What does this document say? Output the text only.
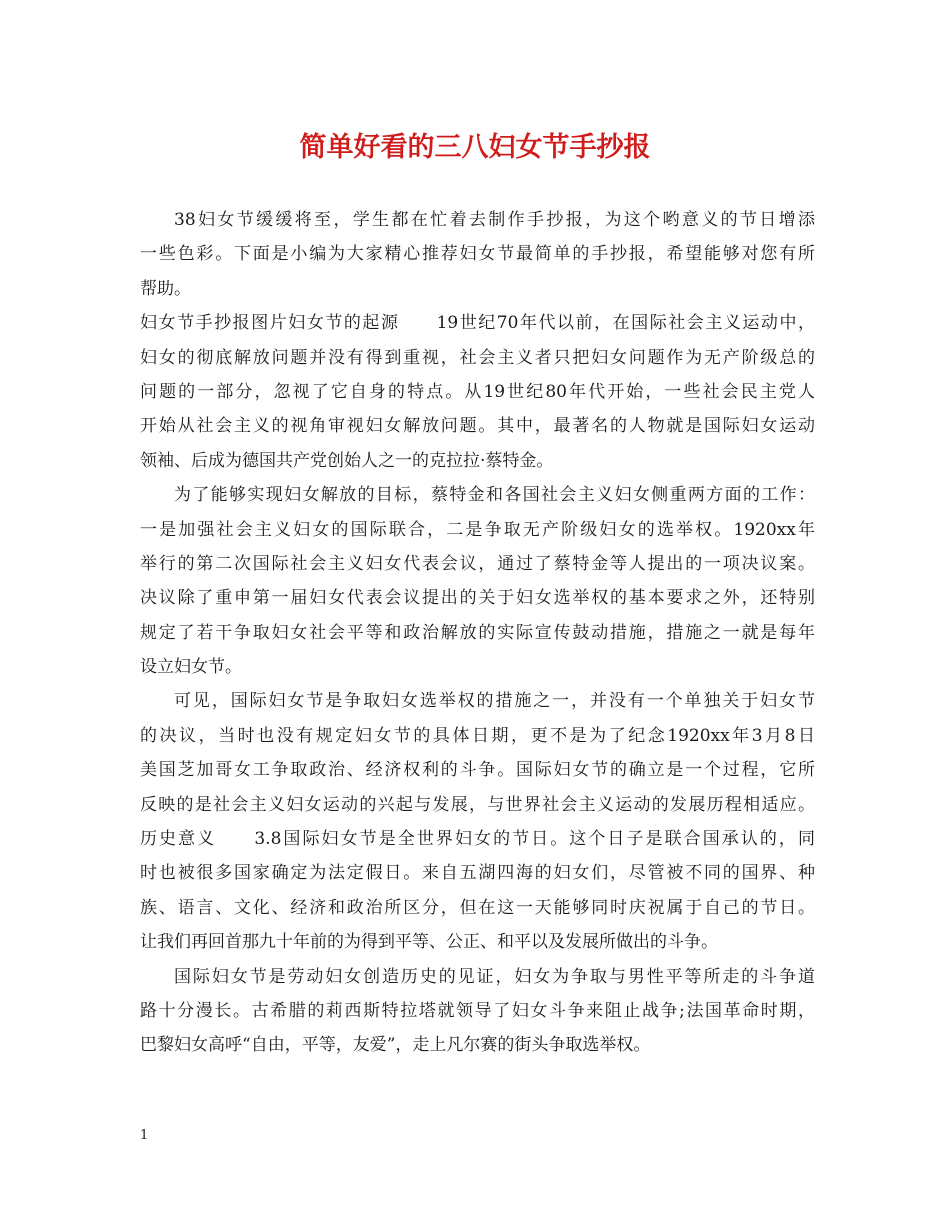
简单好看的三八妇女节手抄报
38妇女节缓缓将至，学生都在忙着去制作手抄报，为这个哟意义的节日增添
一些色彩。下面是小编为大家精心推荐妇女节最简单的手抄报，希望能够对您有所
帮助。
妇女节手抄报图片妇女节的起源　　19世纪70年代以前，在国际社会主义运动中，
妇女的彻底解放问题并没有得到重视，社会主义者只把妇女问题作为无产阶级总的
问题的一部分，忽视了它自身的特点。从19世纪80年代开始，一些社会民主党人
开始从社会主义的视角审视妇女解放问题。其中，最著名的人物就是国际妇女运动
领袖、后成为德国共产党创始人之一的克拉拉·蔡特金。
为了能够实现妇女解放的目标，蔡特金和各国社会主义妇女侧重两方面的工作：
一是加强社会主义妇女的国际联合，二是争取无产阶级妇女的选举权。1920xx年
举行的第二次国际社会主义妇女代表会议，通过了蔡特金等人提出的一项决议案。
决议除了重申第一届妇女代表会议提出的关于妇女选举权的基本要求之外，还特别
规定了若干争取妇女社会平等和政治解放的实际宣传鼓动措施，措施之一就是每年
设立妇女节。
可见，国际妇女节是争取妇女选举权的措施之一，并没有一个单独关于妇女节
的决议，当时也没有规定妇女节的具体日期，更不是为了纪念1920xx年3月8日
美国芝加哥女工争取政治、经济权利的斗争。国际妇女节的确立是一个过程，它所
反映的是社会主义妇女运动的兴起与发展，与世界社会主义运动的发展历程相适应。
历史意义　　3.8国际妇女节是全世界妇女的节日。这个日子是联合国承认的，同
时也被很多国家确定为法定假日。来自五湖四海的妇女们，尽管被不同的国界、种
族、语言、文化、经济和政治所区分，但在这一天能够同时庆祝属于自己的节日。
让我们再回首那九十年前的为得到平等、公正、和平以及发展所做出的斗争。
国际妇女节是劳动妇女创造历史的见证，妇女为争取与男性平等所走的斗争道
路十分漫长。古希腊的莉西斯特拉塔就领导了妇女斗争来阻止战争;法国革命时期，
巴黎妇女高呼“自由，平等，友爱”，走上凡尔赛的街头争取选举权。
1
